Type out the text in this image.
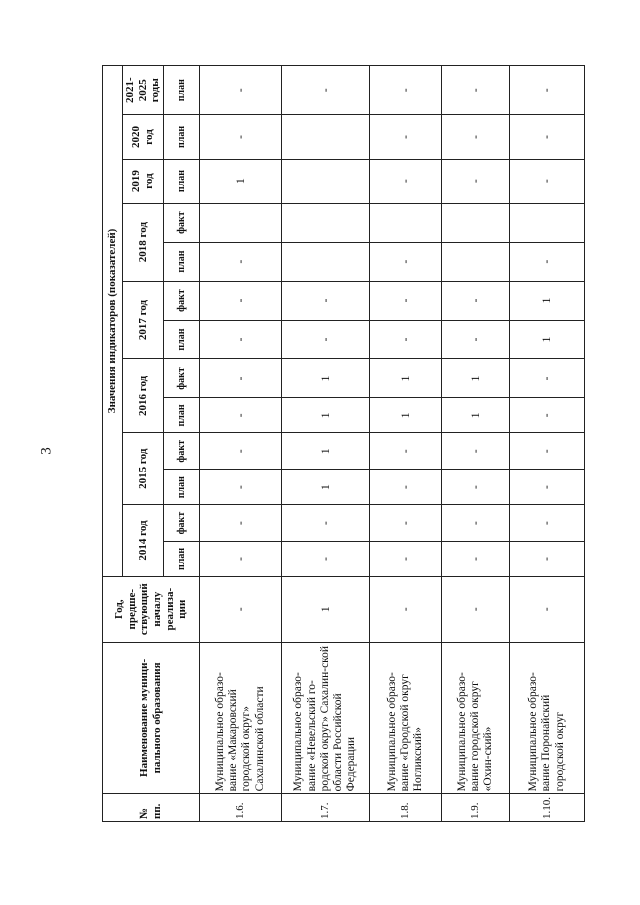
3
№ пп.	Наименование муници-пального образования	Год, предше-ствующий началу реализа-ции	Значения индикаторов (показателей)												
			2014 год		2015 год		2016 год		2017 год		2018 год		2019 год	2020 год	2021-2025 годы
			план	факт	план	факт	план	факт	план	факт	план	факт	план	план	план
1.6.	Муниципальное образо-вание «Макаровский городской округ» Сахалинской области	-	-	-	-	-	-	-	-	-	-		1	-	-
1.7.	Муниципальное образо-вание «Невельский го-родской округ» Сахалин-ской области Российской Федерации	1	-	-	1	1	1	1	-	-					-
1.8.	Муниципальное образо-вание «Городской округ Ногликский»	-	-	-	-	-	1	1	-	-	-		-	-	-
1.9.	Муниципальное образо-вание городской округ «Охин-ский»	-	-	-	-	-	1	1	-	-			-	-	-
1.10.	Муниципальное образо-вание Поронайский городской округ	-	-	-	-	-	-	-	1	1	-		-	-	-
